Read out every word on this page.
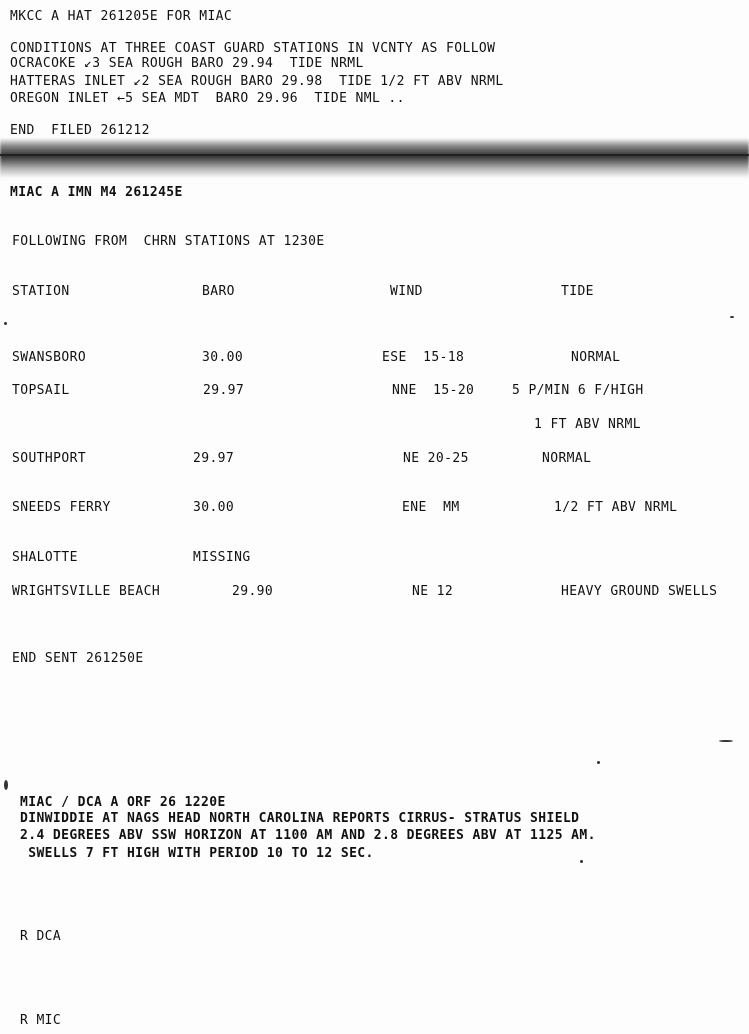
MKCC A HAT 261205E FOR MIAC
CONDITIONS AT THREE COAST GUARD STATIONS IN VCNTY AS FOLLOW
OCRACOKE ↙3 SEA ROUGH BARO 29.94  TIDE NRML
HATTERAS INLET ↙2 SEA ROUGH BARO 29.98  TIDE 1/2 FT ABV NRML
OREGON INLET ←5 SEA MDT  BARO 29.96  TIDE NML ..
END  FILED 261212
MIAC A IMN M4 261245E
FOLLOWING FROM  CHRN STATIONS AT 1230E
STATION	BARO	WIND	TIDE
SWANSBORO	30.00	ESE  15-18	NORMAL
TOPSAIL	29.97	NNE  15-20	5 P/MIN 6 F/HIGH
1 FT ABV NRML
SOUTHPORT	29.97	NE 20-25	NORMAL
SNEEDS FERRY	30.00	ENE  MM	1/2 FT ABV NRML
SHALOTTE	MISSING
WRIGHTSVILLE BEACH	29.90	NE 12	HEAVY GROUND SWELLS
END SENT 261250E
MIAC / DCA A ORF 26 1220E
DINWIDDIE AT NAGS HEAD NORTH CAROLINA REPORTS CIRRUS- STRATUS SHIELD
2.4 DEGREES ABV SSW HORIZON AT 1100 AM AND 2.8 DEGREES ABV AT 1125 AM.
SWELLS 7 FT HIGH WITH PERIOD 10 TO 12 SEC.
R DCA
R MIC
